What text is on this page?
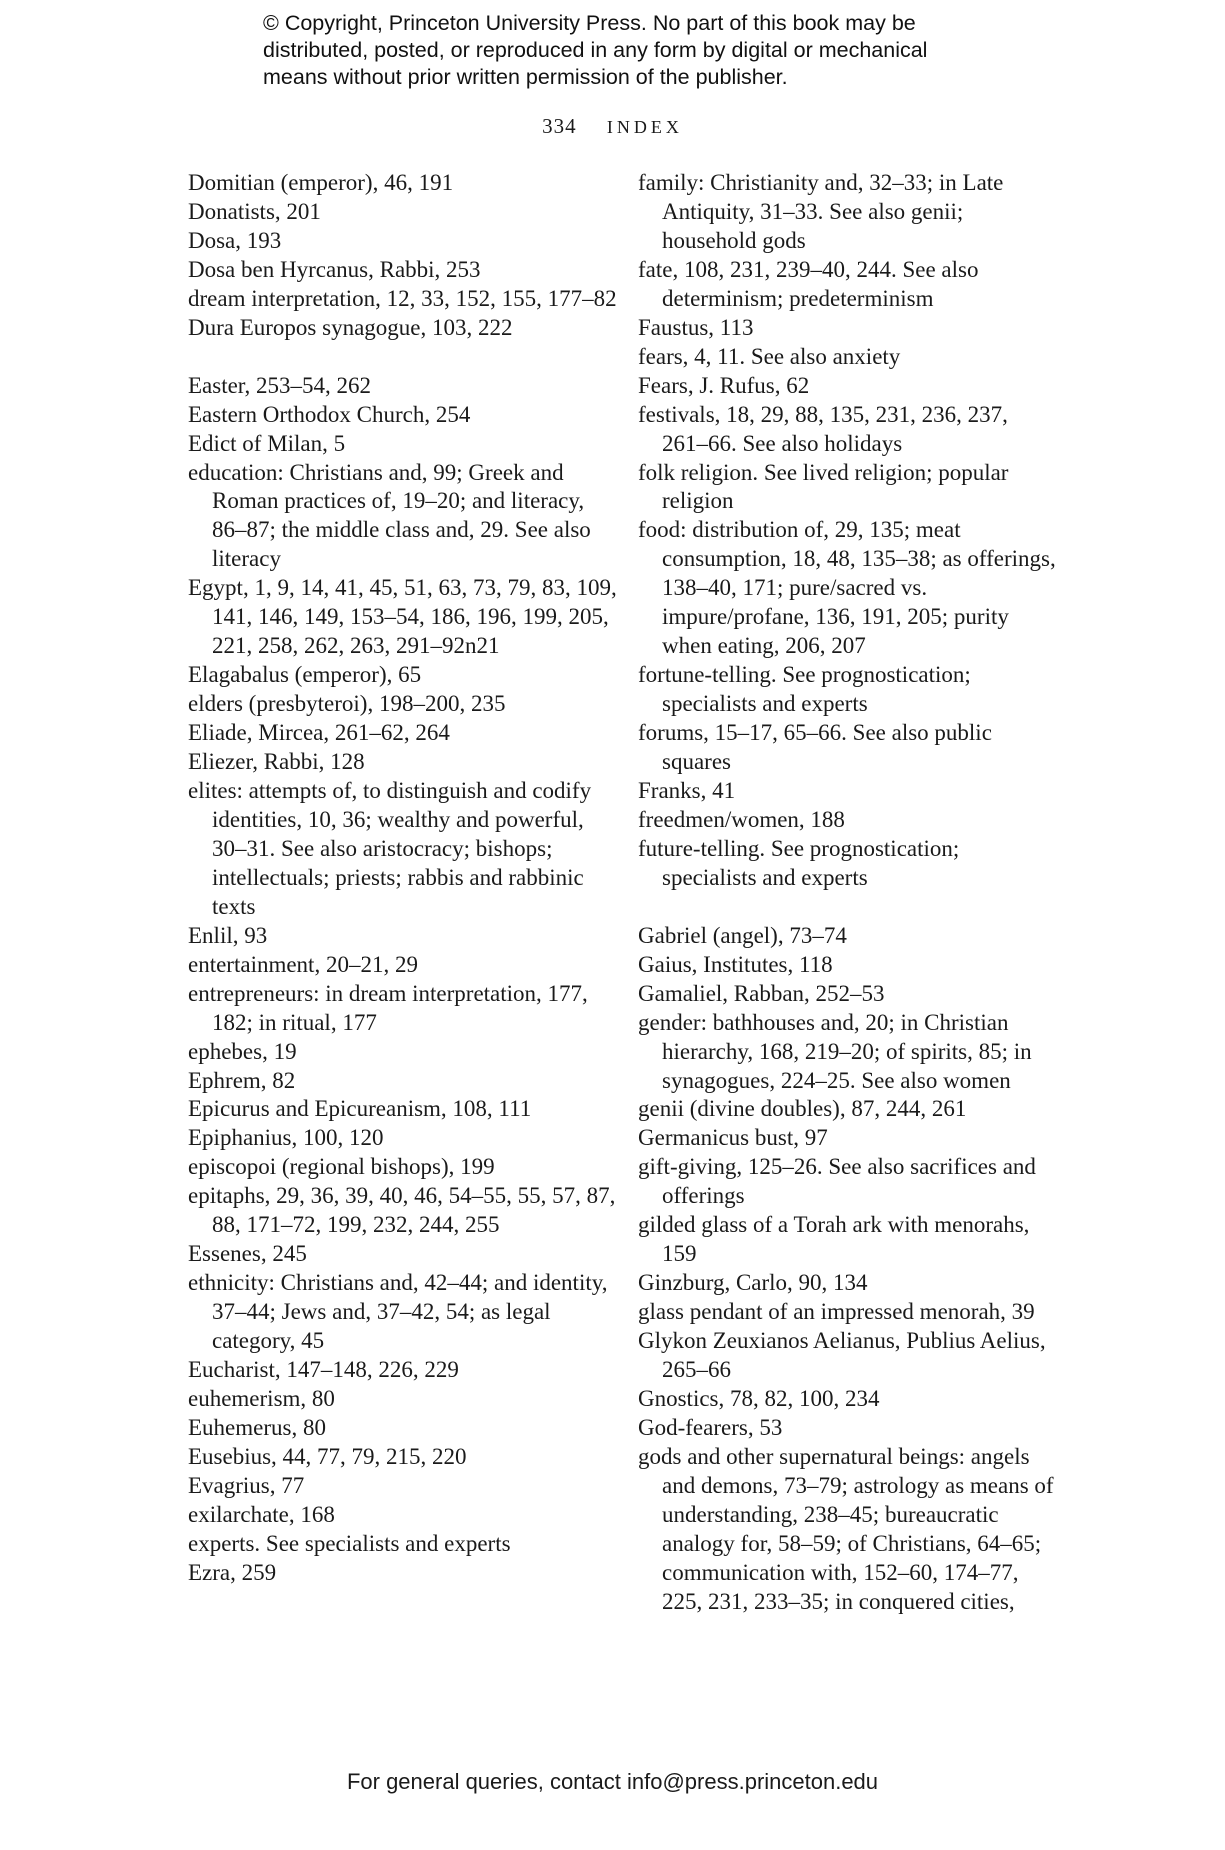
© Copyright, Princeton University Press. No part of this book may be
distributed, posted, or reproduced in any form by digital or mechanical
means without prior written permission of the publisher.
334 INDEX
Domitian (emperor), 46, 191
Donatists, 201
Dosa, 193
Dosa ben Hyrcanus, Rabbi, 253
dream interpretation, 12, 33, 152, 155, 177–82
Dura Europos synagogue, 103, 222
Easter, 253–54, 262
Eastern Orthodox Church, 254
Edict of Milan, 5
education: Christians and, 99; Greek and Roman practices of, 19–20; and literacy, 86–87; the middle class and, 29. See also literacy
Egypt, 1, 9, 14, 41, 45, 51, 63, 73, 79, 83, 109, 141, 146, 149, 153–54, 186, 196, 199, 205, 221, 258, 262, 263, 291–92n21
Elagabalus (emperor), 65
elders (presbyteroi), 198–200, 235
Eliade, Mircea, 261–62, 264
Eliezer, Rabbi, 128
elites: attempts of, to distinguish and codify identities, 10, 36; wealthy and powerful, 30–31. See also aristocracy; bishops; intellectuals; priests; rabbis and rabbinic texts
Enlil, 93
entertainment, 20–21, 29
entrepreneurs: in dream interpretation, 177, 182; in ritual, 177
ephebes, 19
Ephrem, 82
Epicurus and Epicureanism, 108, 111
Epiphanius, 100, 120
episcopoi (regional bishops), 199
epitaphs, 29, 36, 39, 40, 46, 54–55, 55, 57, 87, 88, 171–72, 199, 232, 244, 255
Essenes, 245
ethnicity: Christians and, 42–44; and identity, 37–44; Jews and, 37–42, 54; as legal category, 45
Eucharist, 147–148, 226, 229
euhemerism, 80
Euhemerus, 80
Eusebius, 44, 77, 79, 215, 220
Evagrius, 77
exilarchate, 168
experts. See specialists and experts
Ezra, 259
family: Christianity and, 32–33; in Late Antiquity, 31–33. See also genii; household gods
fate, 108, 231, 239–40, 244. See also determinism; predeterminism
Faustus, 113
fears, 4, 11. See also anxiety
Fears, J. Rufus, 62
festivals, 18, 29, 88, 135, 231, 236, 237, 261–66. See also holidays
folk religion. See lived religion; popular religion
food: distribution of, 29, 135; meat consumption, 18, 48, 135–38; as offerings, 138–40, 171; pure/sacred vs. impure/profane, 136, 191, 205; purity when eating, 206, 207
fortune-telling. See prognostication; specialists and experts
forums, 15–17, 65–66. See also public squares
Franks, 41
freedmen/women, 188
future-telling. See prognostication; specialists and experts
Gabriel (angel), 73–74
Gaius, Institutes, 118
Gamaliel, Rabban, 252–53
gender: bathhouses and, 20; in Christian hierarchy, 168, 219–20; of spirits, 85; in synagogues, 224–25. See also women
genii (divine doubles), 87, 244, 261
Germanicus bust, 97
gift-giving, 125–26. See also sacrifices and offerings
gilded glass of a Torah ark with menorahs, 159
Ginzburg, Carlo, 90, 134
glass pendant of an impressed menorah, 39
Glykon Zeuxianos Aelianus, Publius Aelius, 265–66
Gnostics, 78, 82, 100, 234
God-fearers, 53
gods and other supernatural beings: angels and demons, 73–79; astrology as means of understanding, 238–45; bureaucratic analogy for, 58–59; of Christians, 64–65; communication with, 152–60, 174–77, 225, 231, 233–35; in conquered cities,
For general queries, contact info@press.princeton.edu
